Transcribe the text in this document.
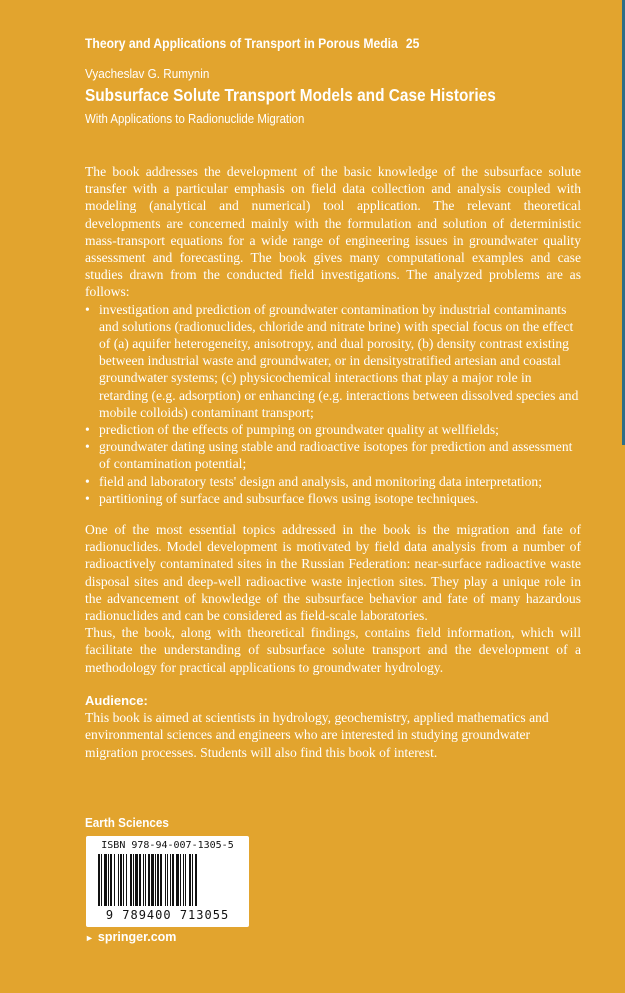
Theory and Applications of Transport in Porous Media 25
Vyacheslav G. Rumynin
Subsurface Solute Transport Models and Case Histories
With Applications to Radionuclide Migration

The book addresses the development of the basic knowledge of the subsurface solute transfer with a particular emphasis on field data collection and analysis coupled with modeling (analytical and numerical) tool application. The relevant theoretical developments are concerned mainly with the formulation and solution of deterministic mass-transport equations for a wide range of engineering issues in groundwater quality assessment and forecasting. The book gives many computational examples and case studies drawn from the conducted field investigations. The analyzed problems are as follows:

• investigation and prediction of groundwater contamination by industrial contaminants and solutions (radionuclides, chloride and nitrate brine) with special focus on the effect of (a) aquifer heterogeneity, anisotropy, and dual porosity, (b) density contrast existing between industrial waste and groundwater, or in densitystratified artesian and coastal groundwater systems; (c) physicochemical interactions that play a major role in retarding (e.g. adsorption) or enhancing (e.g. interactions between dissolved species and mobile colloids) contaminant transport;
• prediction of the effects of pumping on groundwater quality at wellfields;
• groundwater dating using stable and radioactive isotopes for prediction and assessment of contamination potential;
• field and laboratory tests' design and analysis, and monitoring data interpretation;
• partitioning of surface and subsurface flows using isotope techniques.

One of the most essential topics addressed in the book is the migration and fate of radionuclides. Model development is motivated by field data analysis from a number of radioactively contaminated sites in the Russian Federation: near-surface radioactive waste disposal sites and deep-well radioactive waste injection sites. They play a unique role in the advancement of knowledge of the subsurface behavior and fate of many hazardous radionuclides and can be considered as field-scale laboratories.

Thus, the book, along with theoretical findings, contains field information, which will facilitate the understanding of subsurface solute transport and the development of a methodology for practical applications to groundwater hydrology.

Audience:

This book is aimed at scientists in hydrology, geochemistry, applied mathematics and environmental sciences and engineers who are interested in studying groundwater migration processes. Students will also find this book of interest.

Earth Sciences
ISBN 978-94-007-1305-5
9 789400 713055
► springer.com
